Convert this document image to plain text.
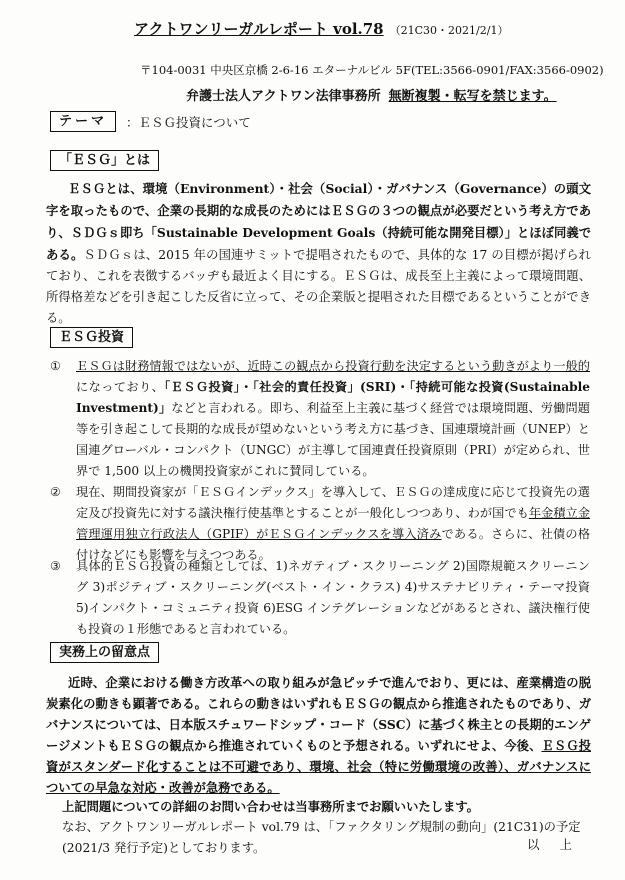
アクトワンリーガルレポート vol.78 （21C30・2021/2/1）
〒104-0031 中央区京橋 2-6-16 エターナルビル 5F(TEL:3566-0901/FAX:3566-0902)
弁護士法人アクトワン法律事務所 無断複製・転写を禁じます。
テーマ	：ＥＳＧ投資について
「ＥＳＧ」とは
ＥＳＧとは、環境（Environment）・社会（Social）・ガバナンス（Governance）の頭文字を取ったもので、企業の長期的な成長のためにはＥＳＧの３つの観点が必要だという考え方であり、ＳＤＧｓ即ち「Sustainable Development Goals（持続可能な開発目標）」とほぼ同義である。ＳＤＧｓは、2015 年の国連サミットで提唱されたもので、具体的な 17 の目標が掲げられており、これを表徴するバッヂも最近よく目にする。ＥＳＧは、成長至上主義によって環境問題、所得格差などを引き起こした反省に立って、その企業版と提唱された目標であるということができる。
ＥＳＧ投資
① ＥＳＧは財務情報ではないが、近時この観点から投資行動を決定するという動きがより一般的になっており、「ＥＳＧ投資」・「社会的責任投資」(SRI)・「持続可能な投資(Sustainable Investment)」などと言われる。即ち、利益至上主義に基づく経営では環境問題、労働問題等を引き起こして長期的な成長が望めないという考え方に基づき、国連環境計画（UNEP）と国連グローバル・コンパクト（UNGC）が主導して国連責任投資原則（PRI）が定められ、世界で 1,500 以上の機関投資家がこれに賛同している。
② 現在、期間投資家が「ＥＳＧインデックス」を導入して、ＥＳＧの達成度に応じて投資先の選定及び投資先に対する議決権行使基準とすることが一般化しつつあり、わが国でも年金積立金管理運用独立行政法人（GPIF）がＥＳＧインデックスを導入済みである。さらに、社債の格付けなどにも影響を与えつつある。
③ 具体的ＥＳＧ投資の種類としては、1)ネガティブ・スクリーニング 2)国際規範スクリーニング 3)ポジティブ・スクリーニング(ベスト・イン・クラス) 4)サステナビリティ・テーマ投資 5)インパクト・コミュニティ投資 6)ESG インテグレーションなどがあるとされ、議決権行使も投資の１形態であると言われている。
実務上の留意点
近時、企業における働き方改革への取り組みが急ピッチで進んでおり、更には、産業構造の脱炭素化の動きも顕著である。これらの動きはいずれもＥＳＧの観点から推進されたものであり、ガバナンスについては、日本版スチュワードシップ・コード（SSC）に基づく株主との長期的エンゲージメントもＥＳＧの観点から推進されていくものと予想される。いずれにせよ、今後、ＥＳＧ投資がスタンダード化することは不可避であり、環境、社会（特に労働環境の改善）、ガバナンスについての早急な対応・改善が急務である。
上記問題についての詳細のお問い合わせは当事務所までお願いいたします。
なお、アクトワンリーガルレポート vol.79 は、「ファクタリング規制の動向」(21C31)の予定(2021/3 発行予定)としております。	以 上
